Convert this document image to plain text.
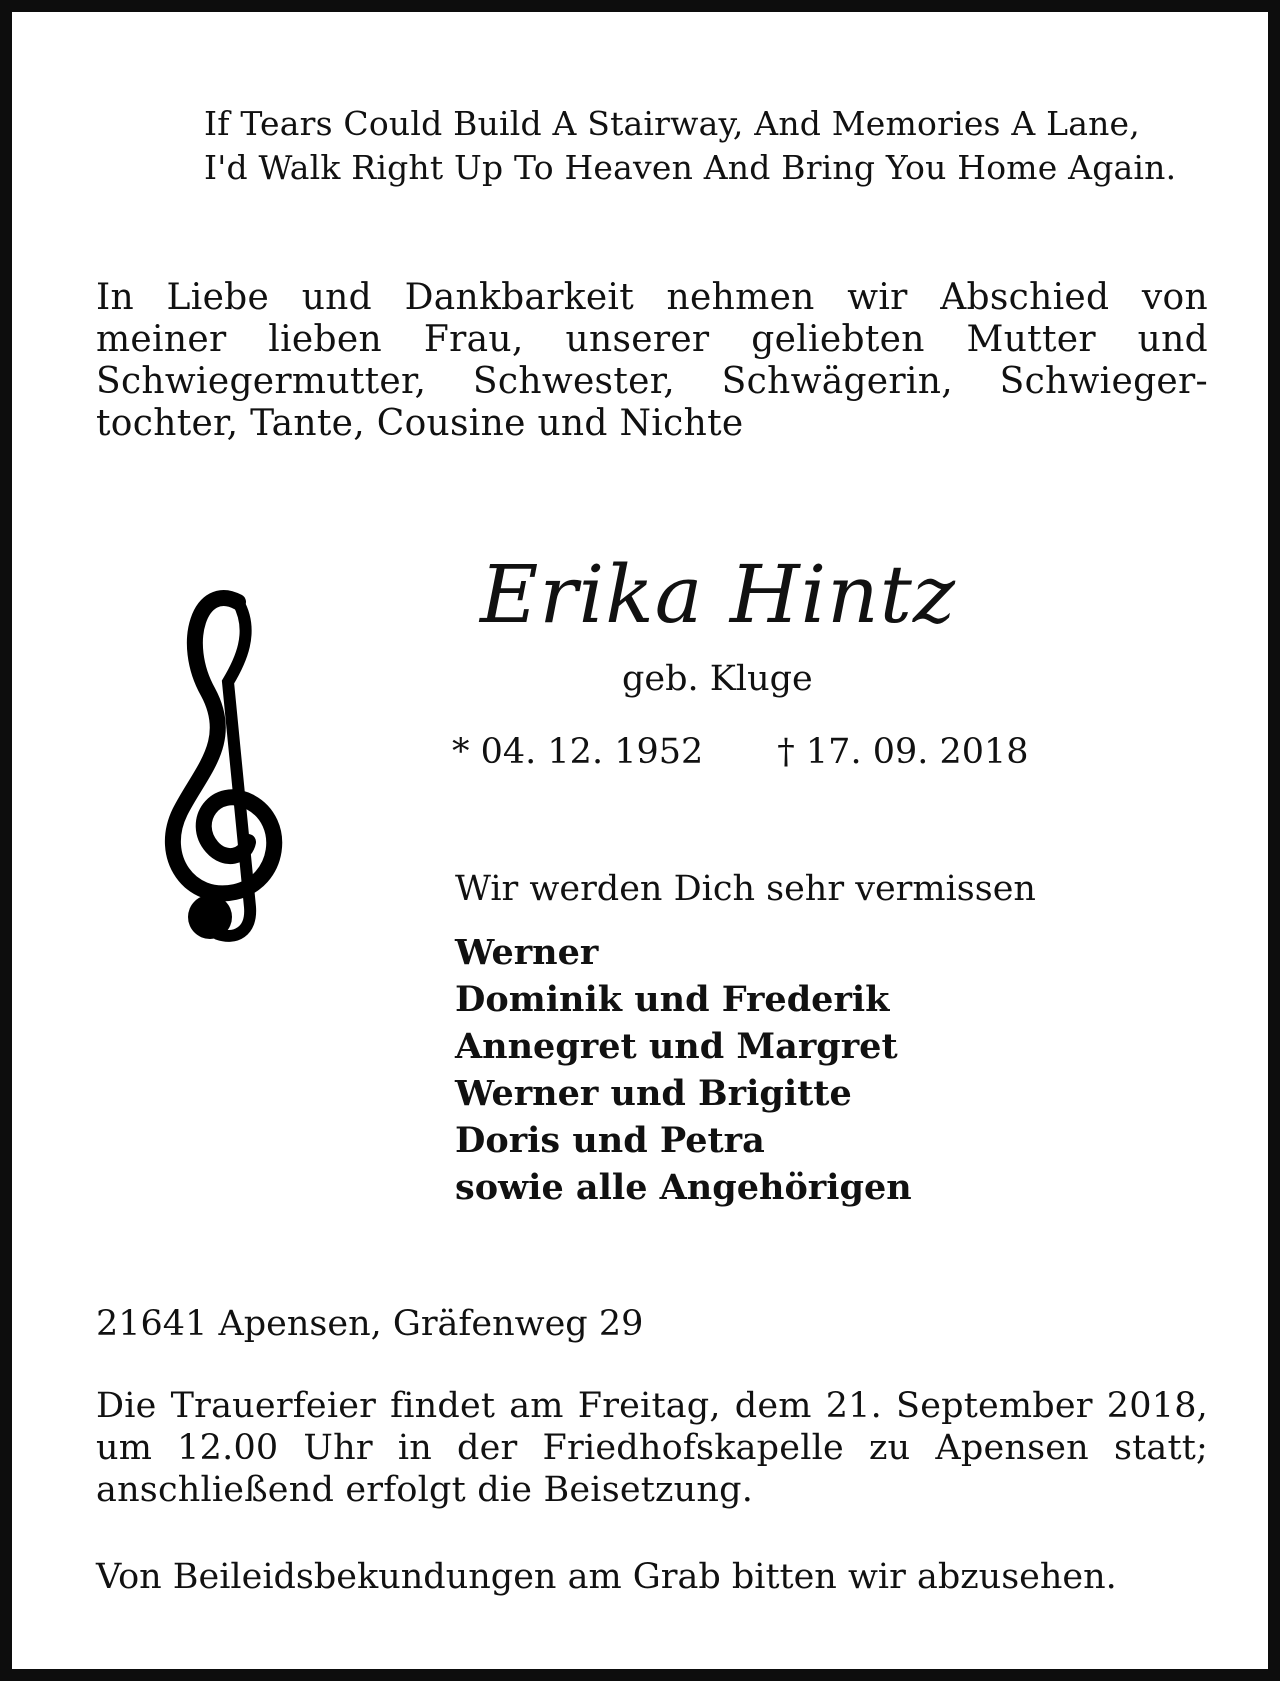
If Tears Could Build A Stairway, And Memories A Lane,
I'd Walk Right Up To Heaven And Bring You Home Again.
In Liebe und Dankbarkeit nehmen wir Abschied von
meiner lieben Frau, unserer geliebten Mutter und
Schwiegermutter, Schwester, Schwägerin, Schwieger-
tochter, Tante, Cousine und Nichte
Erika Hintz
geb. Kluge
* 04. 12. 1952 † 17. 09. 2018
Wir werden Dich sehr vermissen
Werner
Dominik und Frederik
Annegret und Margret
Werner und Brigitte
Doris und Petra
sowie alle Angehörigen
21641 Apensen, Gräfenweg 29
Die Trauerfeier findet am Freitag, dem 21. September 2018,
um 12.00 Uhr in der Friedhofskapelle zu Apensen statt;
anschließend erfolgt die Beisetzung.
Von Beileidsbekundungen am Grab bitten wir abzusehen.
